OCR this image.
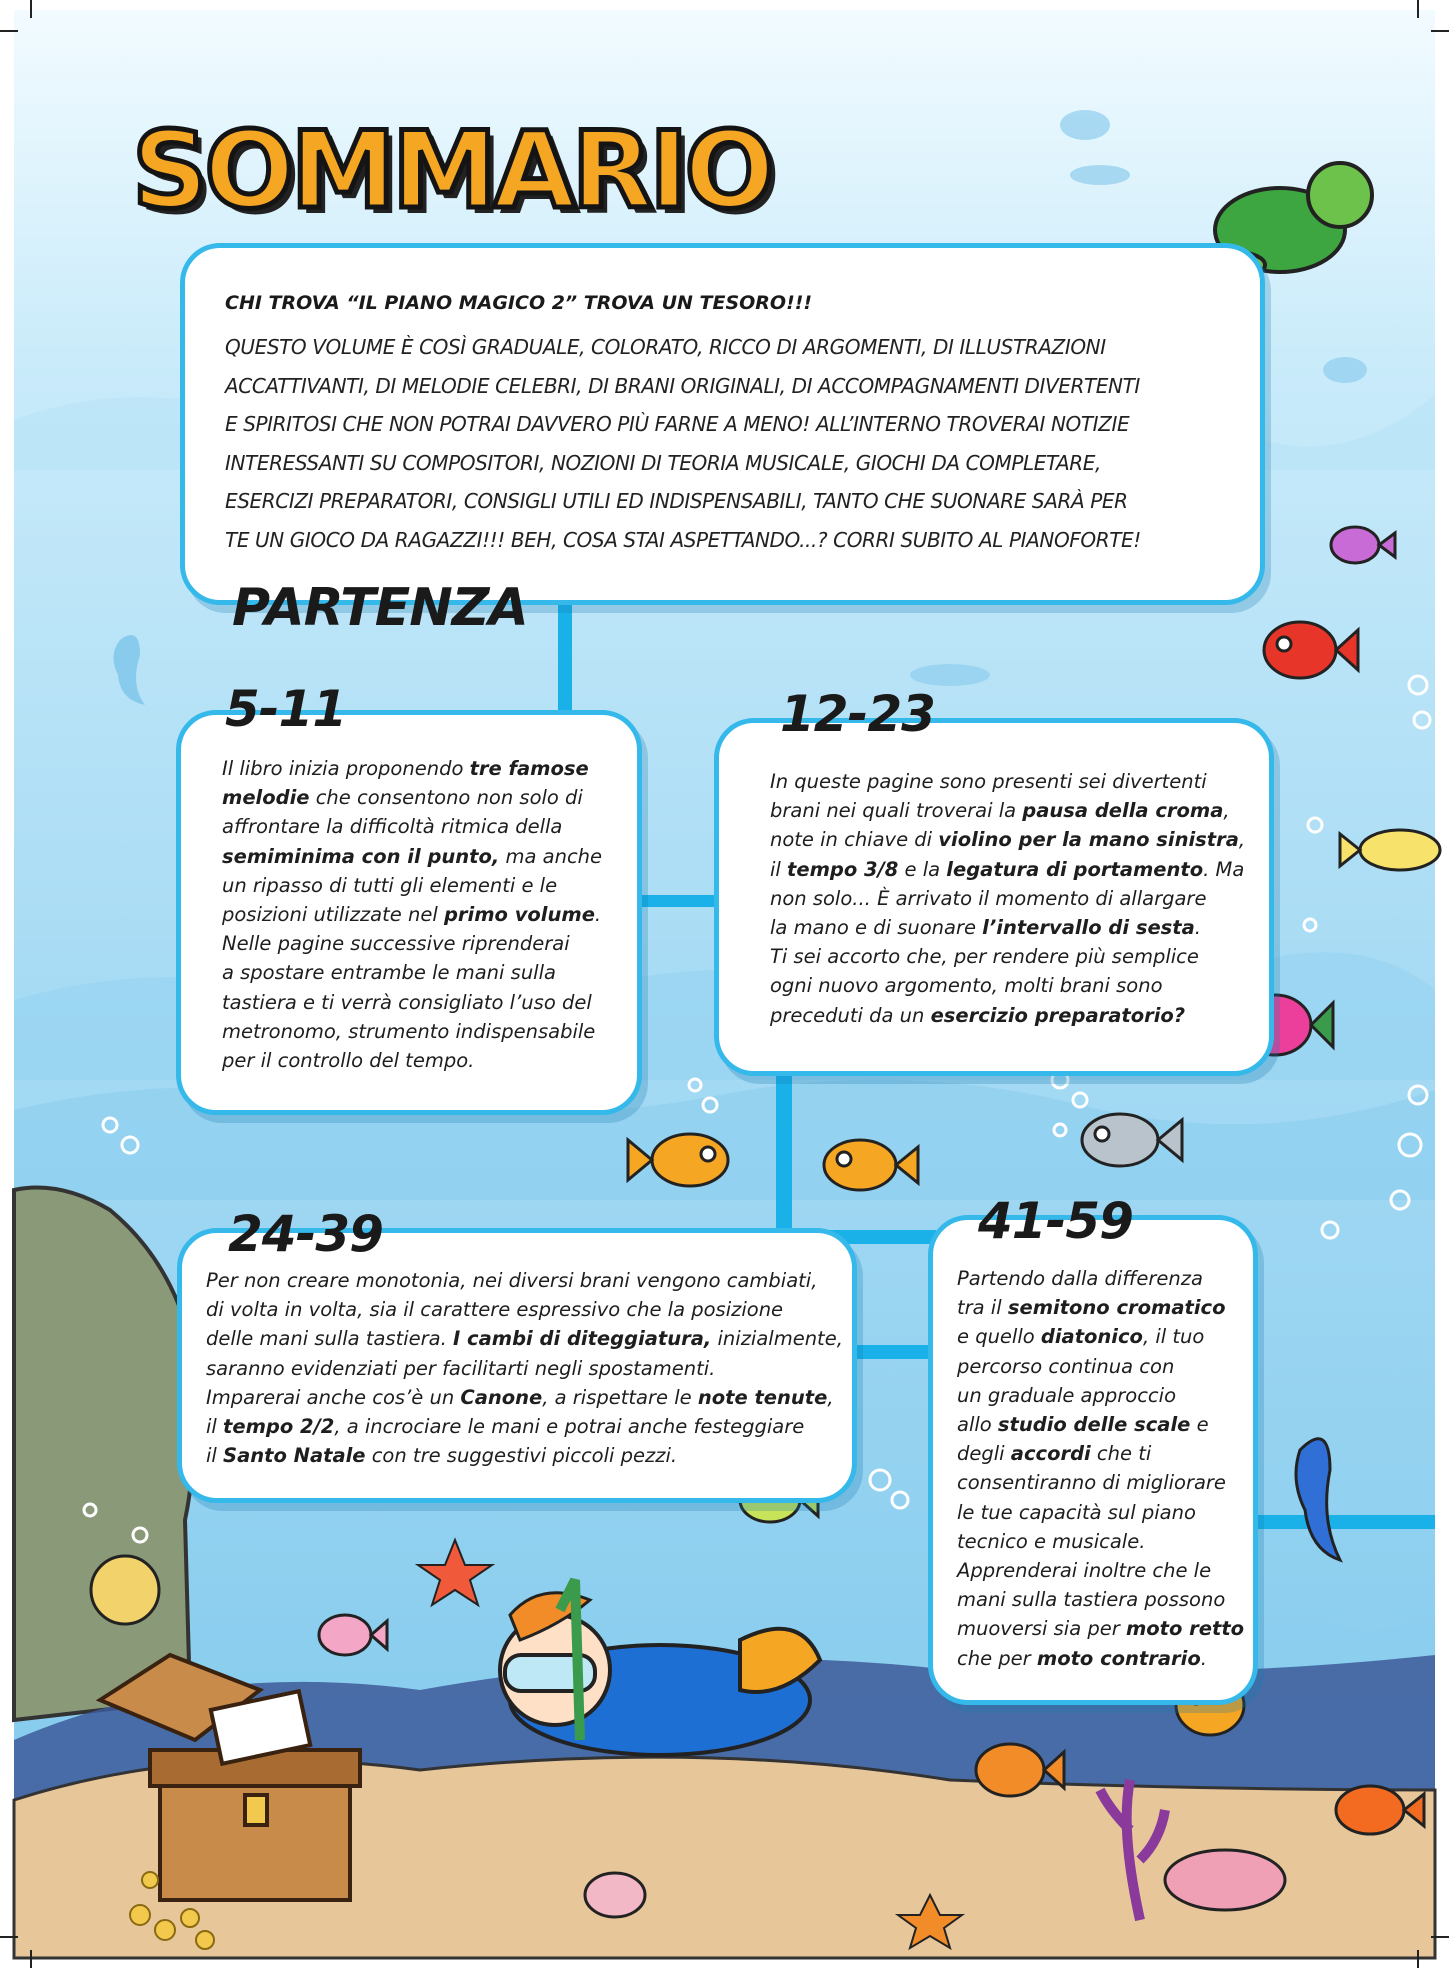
SOMMARIO
CHI TROVA “IL PIANO MAGICO 2” TROVA UN TESORO!!!
QUESTO VOLUME È COSÌ GRADUALE, COLORATO, RICCO DI ARGOMENTI, DI ILLUSTRAZIONI
ACCATTIVANTI, DI MELODIE CELEBRI, DI BRANI ORIGINALI, DI ACCOMPAGNAMENTI DIVERTENTI
E SPIRITOSI CHE NON POTRAI DAVVERO PIÙ FARNE A MENO! ALL’INTERNO TROVERAI NOTIZIE
INTERESSANTI SU COMPOSITORI, NOZIONI DI TEORIA MUSICALE, GIOCHI DA COMPLETARE,
ESERCIZI PREPARATORI, CONSIGLI UTILI ED INDISPENSABILI, TANTO CHE SUONARE SARÀ PER
TE UN GIOCO DA RAGAZZI!!! BEH, COSA STAI ASPETTANDO...? CORRI SUBITO AL PIANOFORTE!
PARTENZA
5-11
Il libro inizia proponendo tre famose
melodie che consentono non solo di
affrontare la difficoltà ritmica della
semiminima con il punto, ma anche
un ripasso di tutti gli elementi e le
posizioni utilizzate nel primo volume.
Nelle pagine successive riprenderai
a spostare entrambe le mani sulla
tastiera e ti verrà consigliato l’uso del
metronomo, strumento indispensabile
per il controllo del tempo.
12-23
In queste pagine sono presenti sei divertenti
brani nei quali troverai la pausa della croma,
note in chiave di violino per la mano sinistra,
il tempo 3/8 e la legatura di portamento. Ma
non solo... È arrivato il momento di allargare
la mano e di suonare l’intervallo di sesta.
Ti sei accorto che, per rendere più semplice
ogni nuovo argomento, molti brani sono
preceduti da un esercizio preparatorio?
24-39
Per non creare monotonia, nei diversi brani vengono cambiati,
di volta in volta, sia il carattere espressivo che la posizione
delle mani sulla tastiera. I cambi di diteggiatura, inizialmente,
saranno evidenziati per facilitarti negli spostamenti.
Imparerai anche cos’è un Canone, a rispettare le note tenute,
il tempo 2/2, a incrociare le mani e potrai anche festeggiare
il Santo Natale con tre suggestivi piccoli pezzi.
41-59
Partendo dalla differenza
tra il semitono cromatico
e quello diatonico, il tuo
percorso continua con
un graduale approccio
allo studio delle scale e
degli accordi che ti
consentiranno di migliorare
le tue capacità sul piano
tecnico e musicale.
Apprenderai inoltre che le
mani sulla tastiera possono
muoversi sia per moto retto
che per moto contrario.
